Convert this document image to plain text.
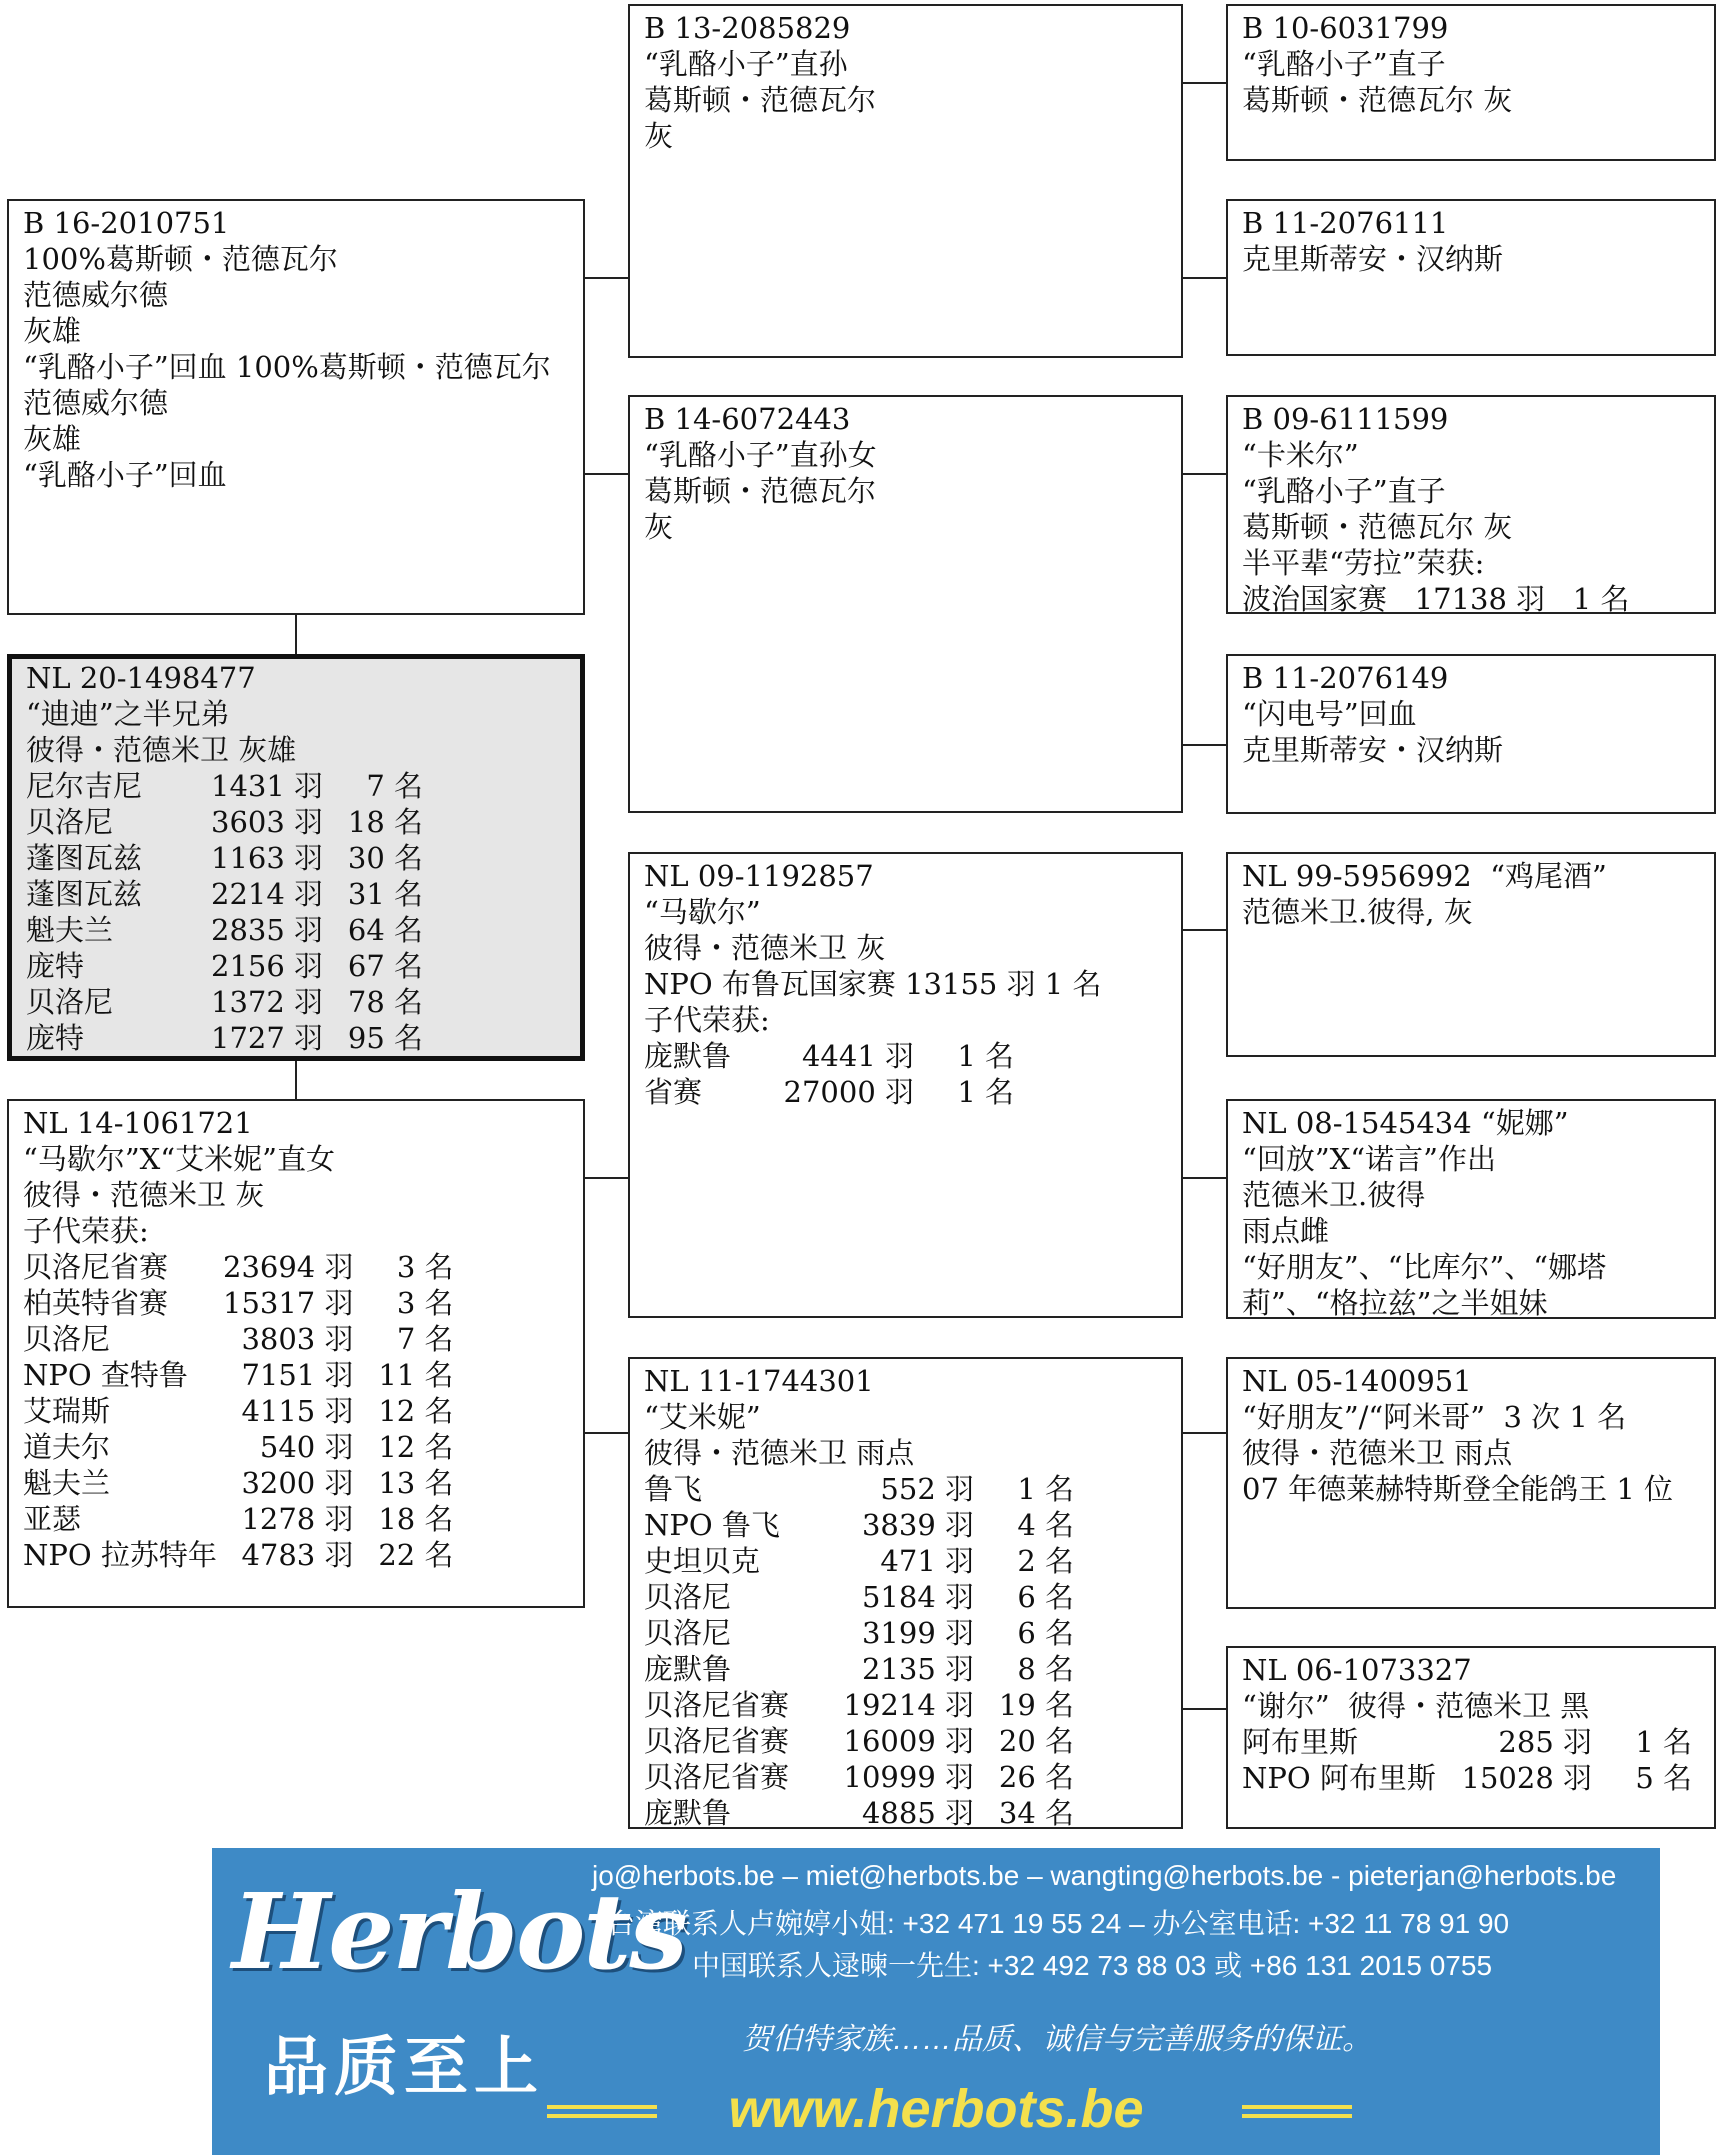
NL 20-1498477
“迪迪”之半兄弟
彼得・范德米卫 灰雄
尼尔吉尼	1431 羽	7 名
贝洛尼	3603 羽	18 名
蓬图瓦兹	1163 羽	30 名
蓬图瓦兹	2214 羽	31 名
魁夫兰	2835 羽	64 名
庞特	2156 羽	67 名
贝洛尼	1372 羽	78 名
庞特	1727 羽	95 名
B 16-2010751
100%葛斯顿・范德瓦尔
范德威尔德
灰雄
“乳酪小子”回血 100%葛斯顿・范德瓦尔
范德威尔德
灰雄
“乳酪小子”回血
NL 14-1061721
“马歇尔”X“艾米妮”直女
彼得・范德米卫 灰
子代荣获:
贝洛尼省赛	23694 羽	3 名
柏英特省赛	15317 羽	3 名
贝洛尼	3803 羽	7 名
NPO 查特鲁	7151 羽	11 名
艾瑞斯	4115 羽	12 名
道夫尔	540 羽	12 名
魁夫兰	3200 羽	13 名
亚瑟	1278 羽	18 名
NPO 拉苏特年	4783 羽	22 名
B 13-2085829
“乳酪小子”直孙
葛斯顿・范德瓦尔
灰
B 14-6072443
“乳酪小子”直孙女
葛斯顿・范德瓦尔
灰
NL 09-1192857
“马歇尔”
彼得・范德米卫 灰
NPO 布鲁瓦国家赛 13155 羽 1 名
子代荣获:
庞默鲁	4441 羽	1 名
省赛	27000 羽	1 名
NL 11-1744301
“艾米妮”
彼得・范德米卫 雨点
鲁飞	552 羽	1 名
NPO 鲁飞	3839 羽	4 名
史坦贝克	471 羽	2 名
贝洛尼	5184 羽	6 名
贝洛尼	3199 羽	6 名
庞默鲁	2135 羽	8 名
贝洛尼省赛	19214 羽	19 名
贝洛尼省赛	16009 羽	20 名
贝洛尼省赛	10999 羽	26 名
庞默鲁	4885 羽	34 名
B 10-6031799
“乳酪小子”直子
葛斯顿・范德瓦尔 灰
B 11-2076111
克里斯蒂安・汉纳斯
B 09-6111599
“卡米尔”
“乳酪小子”直子
葛斯顿・范德瓦尔 灰
半平辈“劳拉”荣获:
波治国家赛   17138 羽   1 名
B 11-2076149
“闪电号”回血
克里斯蒂安・汉纳斯
NL 99-5956992  “鸡尾酒”
范德米卫.彼得, 灰
NL 08-1545434 “妮娜”
“回放”X“诺言”作出
范德米卫.彼得
雨点雌
“好朋友”、“比库尔”、“娜塔莉”、“格拉兹”之半姐妹
NL 05-1400951
“好朋友”/“阿米哥”  3 次 1 名
彼得・范德米卫 雨点
07 年德莱赫特斯登全能鸽王 1 位
NL 06-1073327
“谢尔”  彼得・范德米卫 黑
阿布里斯	285 羽	1 名
NPO 阿布里斯	15028 羽	5 名
Herbots
品质至上
jo@herbots.be – miet@herbots.be – wangting@herbots.be - pieterjan@herbots.be
台湾联系人卢婉婷小姐: +32 471 19 55 24 – 办公室电话: +32 11 78 91 90
中国联系人逯暕一先生: +32 492 73 88 03 或 +86 131 2015 0755
贺伯特家族……品质、诚信与完善服务的保证。
www.herbots.be
